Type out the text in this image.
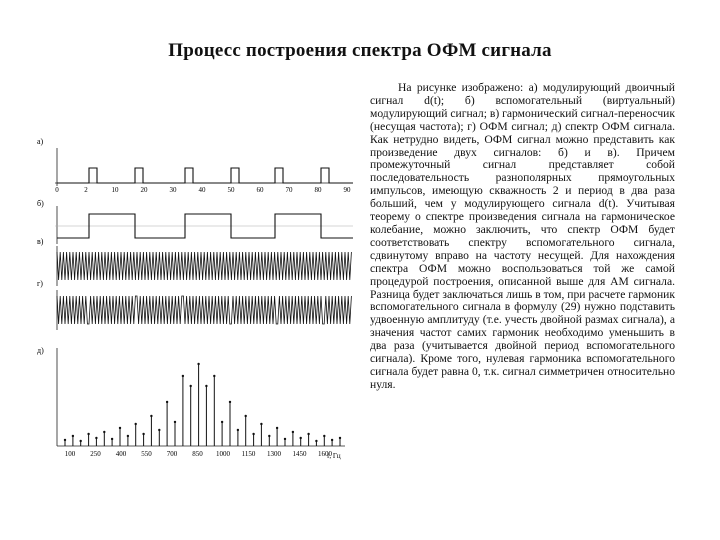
Процесс построения спектра ОФМ сигнала
а)
б)
в)
г)
д)
0	2	10	20	30	40	50	60	70	80	90
100 250 400 550 700 850 1000 1150 1300 1450 1600
f, Гц

На рисунке изображено: а) модулирующий двоичный сигнал d(t); б) вспомогательный (виртуальный) модулирующий сигнал; в) гармонический сигнал-переносчик (несущая частота); г) ОФМ сигнал; д) спектр ОФМ сигнала. Как нетрудно видеть, ОФМ сигнал можно представить как произведение двух сигналов: б) и в). Причем промежуточный сигнал представляет собой последовательность разнополярных прямоугольных импульсов, имеющую скважность 2 и период в два раза больший, чем у модулирующего сигнала d(t). Учитывая теорему о спектре произведения сигнала на гармоническое колебание, можно заключить, что спектр ОФМ будет соответствовать спектру вспомогательного сигнала, сдвинутому вправо на частоту несущей. Для нахождения спектра ОФМ можно воспользоваться той же самой процедурой построения, описанной выше для АМ сигнала. Разница будет заключаться лишь в том, при расчете гармоник вспомогательного сигнала в формулу (29) нужно подставить удвоенную амплитуду (т.е. учесть двойной размах сигнала), а значения частот самих гармоник необходимо уменьшить в два раза (учитывается двойной период вспомогательного сигнала). Кроме того, нулевая гармоника вспомогательного сигнала будет равна 0, т.к. сигнал симметричен относительно нуля.
